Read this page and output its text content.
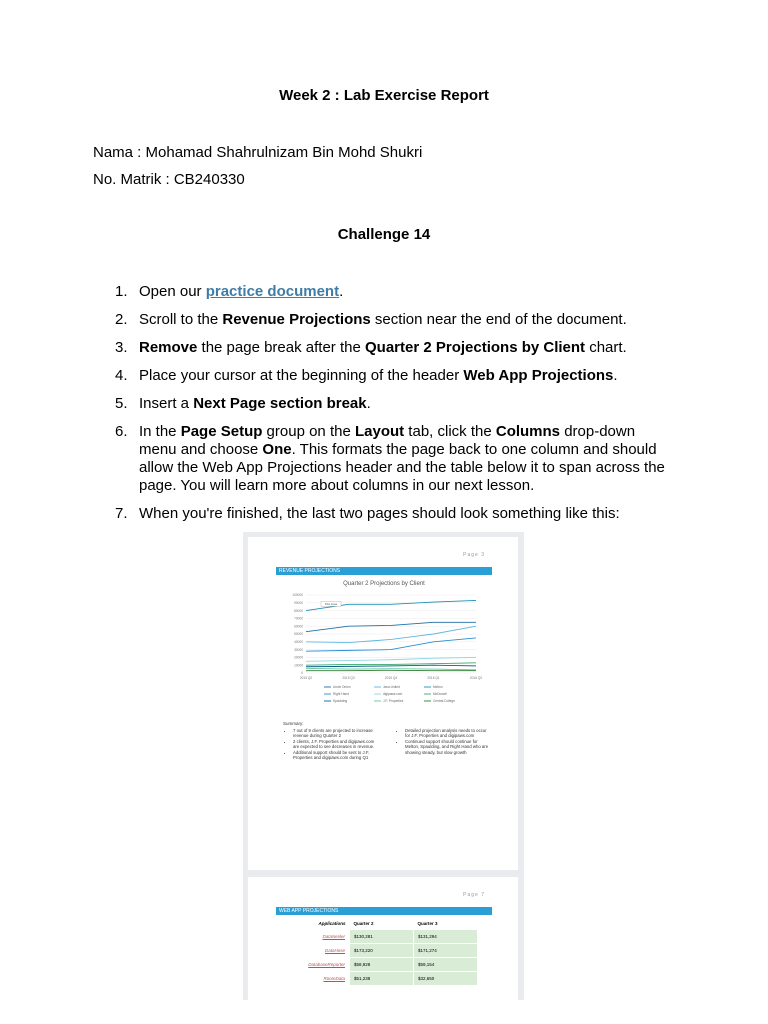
Week 2 : Lab Exercise Report
Nama : Mohamad Shahrulnizam Bin Mohd Shukri
No. Matrik : CB240330
Challenge 14
1. Open our practice document.
2. Scroll to the Revenue Projections section near the end of the document.
3. Remove the page break after the Quarter 2 Projections by Client chart.
4. Place your cursor at the beginning of the header Web App Projections.
5. Insert a Next Page section break.
6. In the Page Setup group on the Layout tab, click the Columns drop-down menu and choose One. This formats the page back to one column and should allow the Web App Projections header and the table below it to span across the page. You will learn more about columns in our next lesson.
7. When you're finished, the last two pages should look something like this:
Page 3
REVENUE PROJECTIONS
Quarter 2 Projections by Client
100000
90000
80000
70000
60000
50000
40000
30000
20000
10000
0
2015 Q2	2015 Q3	2015 Q4	2016 Q1	2016 Q2
Plot Area
Uncle Onion	Java United	Melton
Right Hand	digipaws.com	McDowell
Spaulding	J.F. Properties	Central College
Summary:
• 7 out of 9 clients are projected to increase revenue during Quarter 2
• 2 clients, J.F. Properties and digipaws.com are expected to see decreases in revenue.
• Additional support should be sent to J.F. Properties and digipaws.com during Q1
• Detailed projection analysis needs to occur for J.F. Properties and digipaws.com
• Continued support should continue for Melton, Spaulding, and Right Hand who are showing steady, but slow growth
Page 7
WEB APP PROJECTIONS
Applications	Quarter 2	Quarter 3
DataNesler	$130,281	$131,294
DataHose	$173,220	$171,274
DatabaseReporter	$58,928	$59,154
RoomData	$51,238	$32,650
